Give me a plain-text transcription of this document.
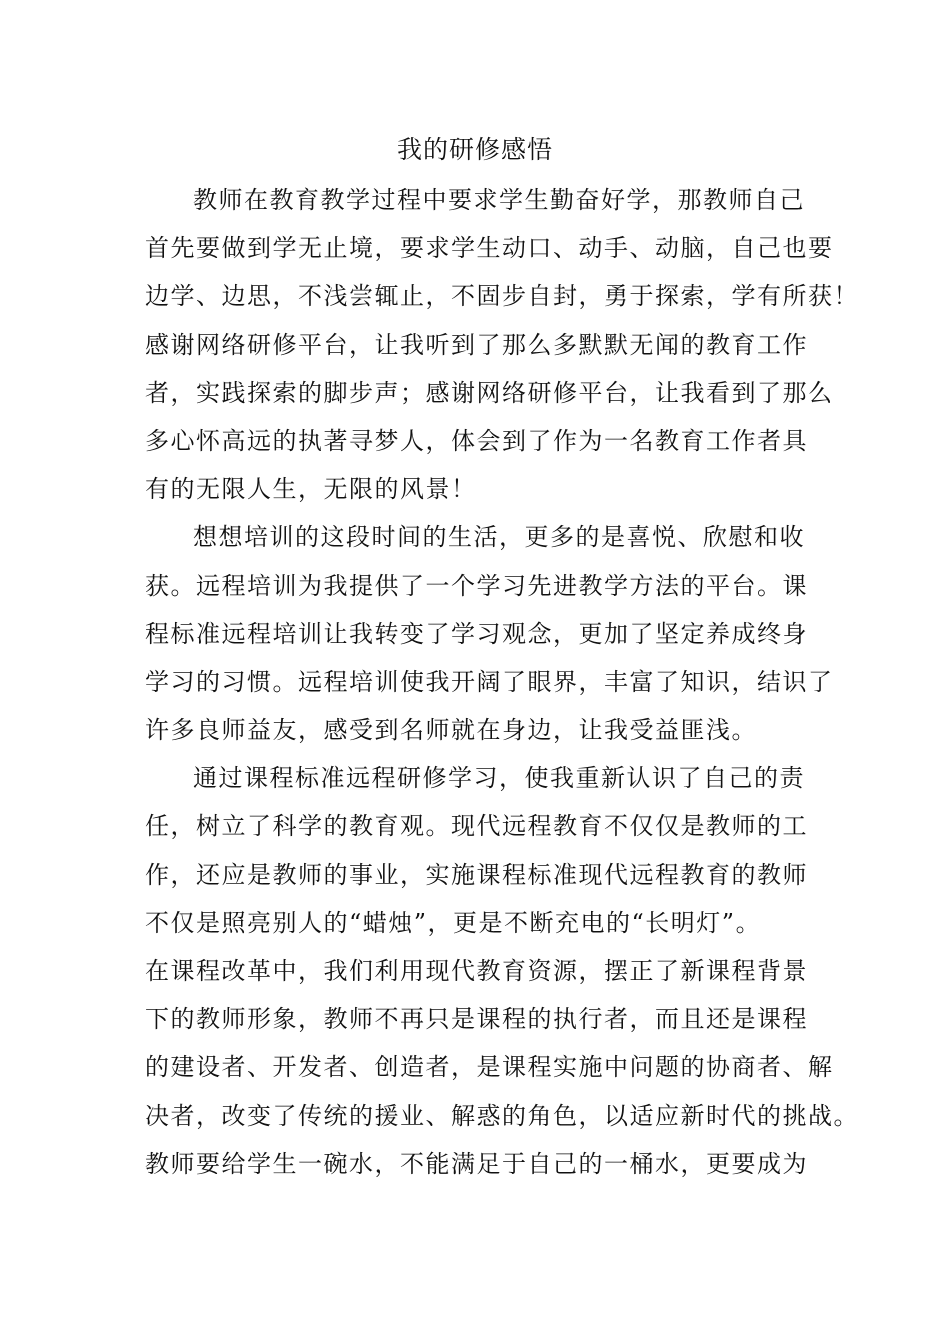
我的研修感悟
教师在教育教学过程中要求学生勤奋好学，那教师自己
首先要做到学无止境，要求学生动口、动手、动脑，自己也要
边学、边思，不浅尝辄止，不固步自封，勇于探索，学有所获！
感谢网络研修平台，让我听到了那么多默默无闻的教育工作
者，实践探索的脚步声；感谢网络研修平台，让我看到了那么
多心怀高远的执著寻梦人，体会到了作为一名教育工作者具
有的无限人生，无限的风景！
想想培训的这段时间的生活，更多的是喜悦、欣慰和收
获。远程培训为我提供了一个学习先进教学方法的平台。课
程标准远程培训让我转变了学习观念，更加了坚定养成终身
学习的习惯。远程培训使我开阔了眼界，丰富了知识，结识了
许多良师益友，感受到名师就在身边，让我受益匪浅。
通过课程标准远程研修学习，使我重新认识了自己的责
任，树立了科学的教育观。现代远程教育不仅仅是教师的工
作，还应是教师的事业，实施课程标准现代远程教育的教师
不仅是照亮别人的“蜡烛”，更是不断充电的“长明灯”。
在课程改革中，我们利用现代教育资源，摆正了新课程背景
下的教师形象，教师不再只是课程的执行者，而且还是课程
的建设者、开发者、创造者，是课程实施中问题的协商者、解
决者，改变了传统的援业、解惑的角色，以适应新时代的挑战。
教师要给学生一碗水，不能满足于自己的一桶水，更要成为
